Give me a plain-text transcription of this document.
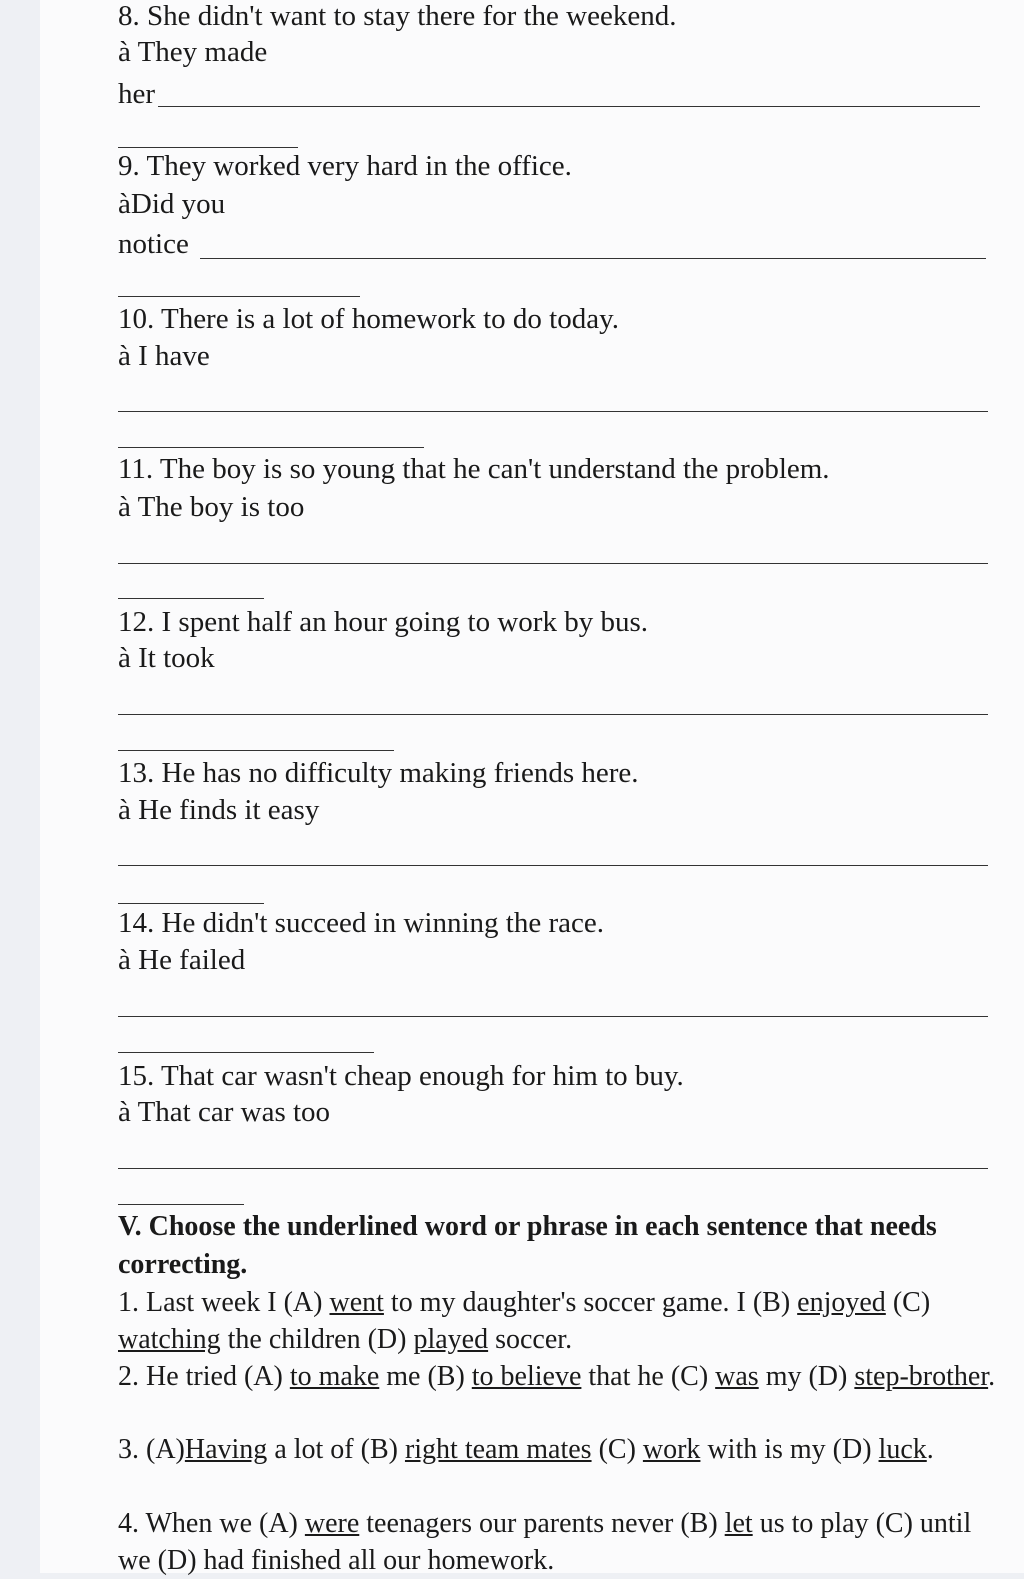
8. She didn't want to stay there for the weekend.
à They made
her
9. They worked very hard in the office.
àDid you
notice
10. There is a lot of homework to do today.
à I have
11. The boy is so young that he can't understand the problem.
à The boy is too
12. I spent half an hour going to work by bus.
à It took
13. He has no difficulty making friends here.
à He finds it easy
14. He didn't succeed in winning the race.
à He failed
15. That car wasn't cheap enough for him to buy.
à That car was too
V. Choose the underlined word or phrase in each sentence that needs correcting.
1. Last week I (A) went to my daughter's soccer game. I (B) enjoyed (C) watching the children (D) played soccer.
2. He tried (A) to make me (B) to believe that he (C) was my (D) step-brother.
3. (A)Having a lot of (B) right team mates (C) work with is my (D) luck.
4. When we (A) were teenagers our parents never (B) let us to play (C) until we (D) had finished all our homework.
